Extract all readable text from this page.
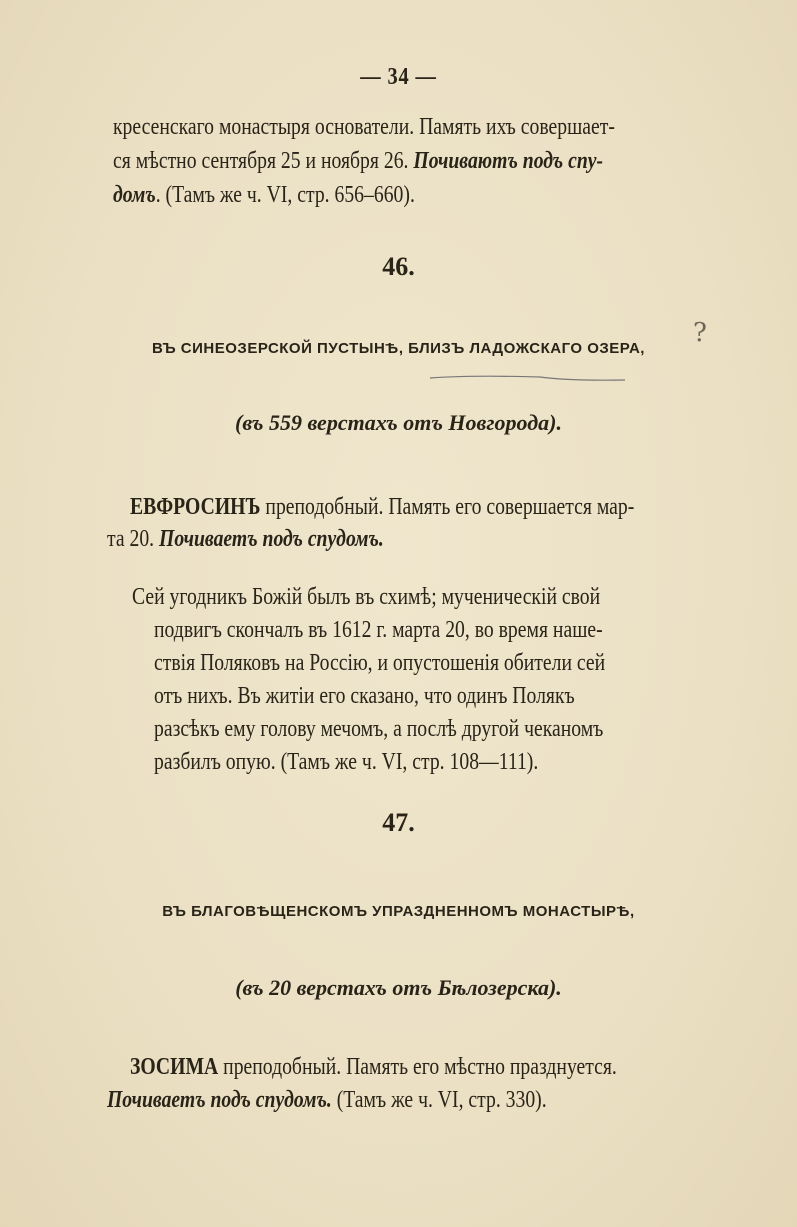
— 34 —
кресенскаго монастыря основатели. Память ихъ совершает-
ся мѣстно сентября 25 и ноября 26. Почиваютъ подъ спу-
домъ. (Тамъ же ч. VI, стр. 656–660).
46.
ВЪ СИНЕОЗЕРСКОЙ ПУСТЫНѢ, БЛИЗЪ ЛАДОЖСКАГО ОЗЕРА,
?
(въ 559 верстахъ отъ Новгорода).
ЕВФРОСИНЪ преподобный. Память его совершается мар-
та 20. Почиваетъ подъ спудомъ.
Сей угодникъ Божій былъ въ схимѣ; мученическій свой
подвигъ скончалъ въ 1612 г. марта 20, во время наше-
ствія Поляковъ на Россію, и опустошенія обители сей
отъ нихъ. Въ житіи его сказано, что одинъ Полякъ
разсѣкъ ему голову мечомъ, а послѣ другой чеканомъ
разбилъ опую. (Тамъ же ч. VI, стр. 108—111).
47.
ВЪ БЛАГОВѢЩЕНСКОМЪ УПРАЗДНЕННОМЪ МОНАСТЫРѢ,
(въ 20 верстахъ отъ Бѣлозерска).
ЗОСИМА преподобный. Память его мѣстно празднуется.
Почиваетъ подъ спудомъ. (Тамъ же ч. VI, стр. 330).
